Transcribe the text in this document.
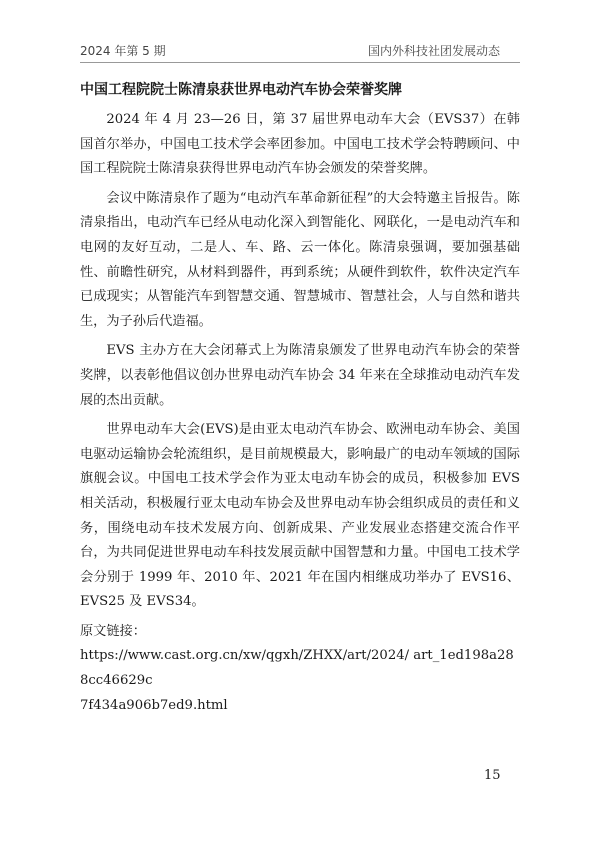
2024 年第 5 期	国内外科技社团发展动态
中国工程院院士陈清泉获世界电动汽车协会荣誉奖牌

2024 年 4 月 23—26 日，第 37 届世界电动车大会（EVS37）在韩国首尔举办，中国电工技术学会率团参加。中国电工技术学会特聘顾问、中国工程院院士陈清泉获得世界电动汽车协会颁发的荣誉奖牌。

会议中陈清泉作了题为“电动汽车革命新征程”的大会特邀主旨报告。陈清泉指出，电动汽车已经从电动化深入到智能化、网联化，一是电动汽车和电网的友好互动，二是人、车、路、云一体化。陈清泉强调，要加强基础性、前瞻性研究，从材料到器件，再到系统；从硬件到软件，软件决定汽车已成现实；从智能汽车到智慧交通、智慧城市、智慧社会，人与自然和谐共生，为子孙后代造福。

EVS 主办方在大会闭幕式上为陈清泉颁发了世界电动汽车协会的荣誉奖牌，以表彰他倡议创办世界电动汽车协会 34 年来在全球推动电动汽车发展的杰出贡献。

世界电动车大会(EVS)是由亚太电动汽车协会、欧洲电动车协会、美国电驱动运输协会轮流组织，是目前规模最大，影响最广的电动车领域的国际旗舰会议。中国电工技术学会作为亚太电动车协会的成员，积极参加 EVS 相关活动，积极履行亚太电动车协会及世界电动车协会组织成员的责任和义务，围绕电动车技术发展方向、创新成果、产业发展业态搭建交流合作平台，为共同促进世界电动车科技发展贡献中国智慧和力量。中国电工技术学会分别于 1999 年、2010 年、2021 年在国内相继成功举办了 EVS16、EVS25 及 EVS34。

原文链接：

https://www.cast.org.cn/xw/qgxh/ZHXX/art/2024/ art_1ed198a288cc46629c

7f434a906b7ed9.html

15
